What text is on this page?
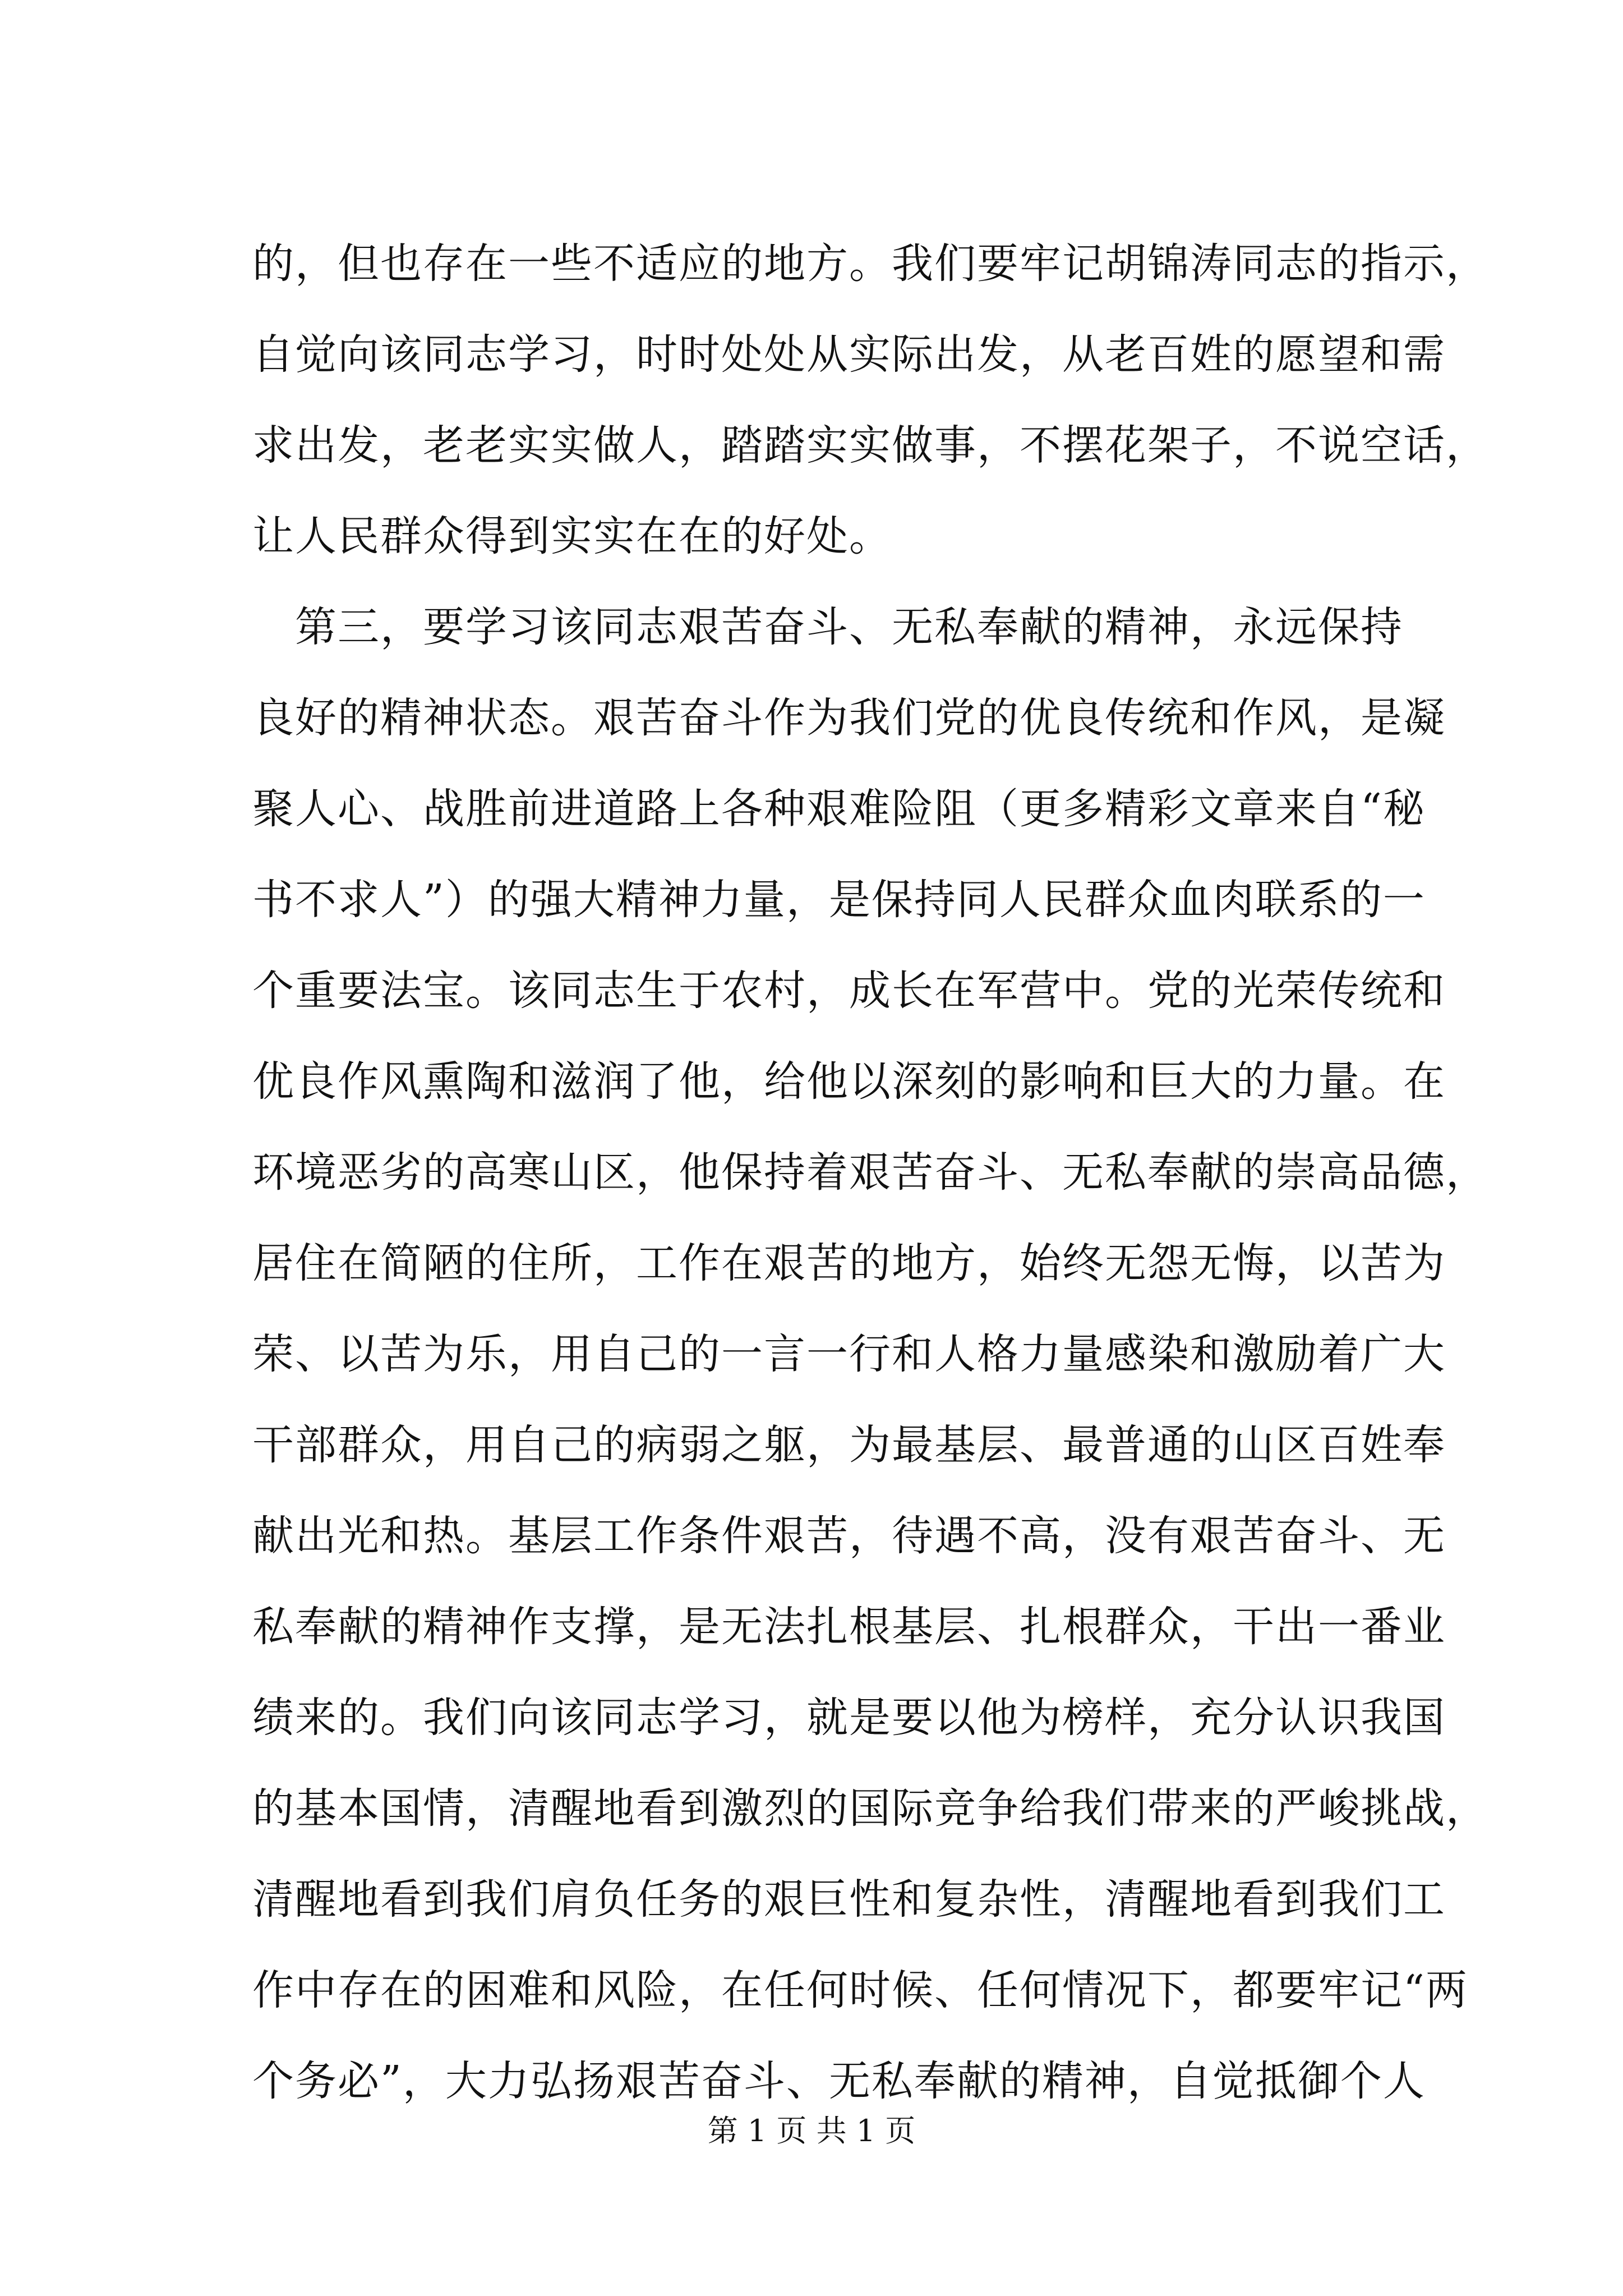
的，但也存在一些不适应的地方。我们要牢记胡锦涛同志的指示，
自觉向该同志学习，时时处处从实际出发，从老百姓的愿望和需
求出发，老老实实做人，踏踏实实做事，不摆花架子，不说空话，
让人民群众得到实实在在的好处。
第三，要学习该同志艰苦奋斗、无私奉献的精神，永远保持
良好的精神状态。艰苦奋斗作为我们党的优良传统和作风，是凝
聚人心、战胜前进道路上各种艰难险阻（更多精彩文章来自“秘
书不求人”）的强大精神力量，是保持同人民群众血肉联系的一
个重要法宝。该同志生于农村，成长在军营中。党的光荣传统和
优良作风熏陶和滋润了他，给他以深刻的影响和巨大的力量。在
环境恶劣的高寒山区，他保持着艰苦奋斗、无私奉献的崇高品德，
居住在简陋的住所，工作在艰苦的地方，始终无怨无悔，以苦为
荣、以苦为乐，用自己的一言一行和人格力量感染和激励着广大
干部群众，用自己的病弱之躯，为最基层、最普通的山区百姓奉
献出光和热。基层工作条件艰苦，待遇不高，没有艰苦奋斗、无
私奉献的精神作支撑，是无法扎根基层、扎根群众，干出一番业
绩来的。我们向该同志学习，就是要以他为榜样，充分认识我国
的基本国情，清醒地看到激烈的国际竞争给我们带来的严峻挑战，
清醒地看到我们肩负任务的艰巨性和复杂性，清醒地看到我们工
作中存在的困难和风险，在任何时候、任何情况下，都要牢记“两
个务必”，大力弘扬艰苦奋斗、无私奉献的精神，自觉抵御个人
第 1 页 共 1 页
